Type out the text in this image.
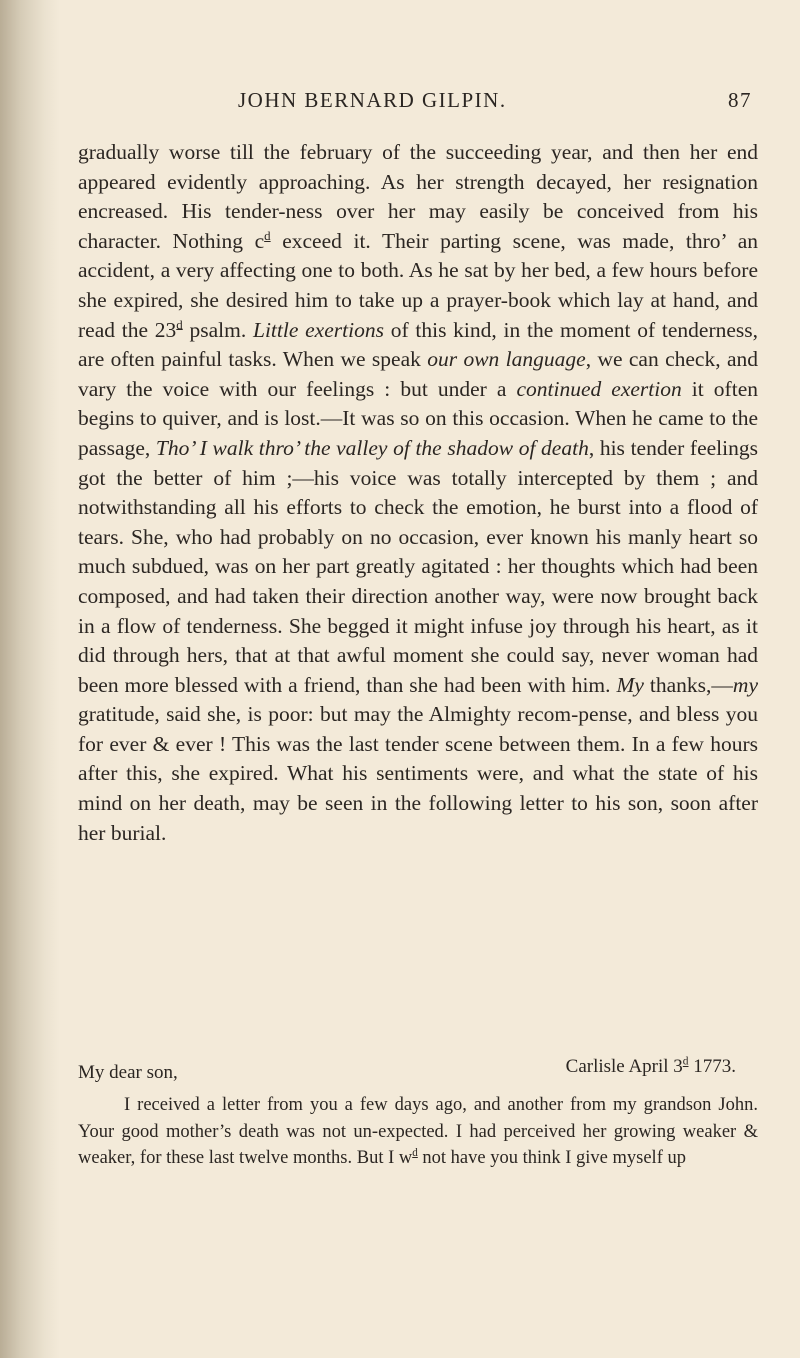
JOHN BERNARD GILPIN.	87

gradually worse till the february of the succeeding year, and then her end appeared evidently approaching. As her strength decayed, her resignation encreased. His tender-ness over her may easily be conceived from his character. Nothing $c^d$ exceed it. Their parting scene, was made, thro’ an accident, a very affecting one to both. As he sat by her bed, a few hours before she expired, she desired him to take up a prayer-book which lay at hand, and read the 23$^d$ psalm. Little exertions of this kind, in the moment of tenderness, are often painful tasks. When we speak our own language, we can check, and vary the voice with our feelings : but under a continued exertion it often begins to quiver, and is lost.—It was so on this occasion. When he came to the passage, Tho’ I walk thro’ the valley of the shadow of death, his tender feelings got the better of him ;—his voice was totally intercepted by them ; and notwithstanding all his efforts to check the emotion, he burst into a flood of tears. She, who had probably on no occasion, ever known his manly heart so much subdued, was on her part greatly agitated : her thoughts which had been composed, and had taken their direction another way, were now brought back in a flow of tenderness. She begged it might infuse joy through his heart, as it did through hers, that at that awful moment she could say, never woman had been more blessed with a friend, than she had been with him. My thanks,—my gratitude, said she, is poor: but may the Almighty recom-pense, and bless you for ever & ever ! This was the last tender scene between them. In a few hours after this, she expired. What his sentiments were, and what the state of his mind on her death, may be seen in the following letter to his son, soon after her burial.

My dear son,	Carlisle April 3$^d$ 1773.

I received a letter from you a few days ago, and another from my grandson John. Your good mother’s death was not un-expected. I had perceived her growing weaker & weaker, for these last twelve months. But I $w^d$ not have you think I give myself up
